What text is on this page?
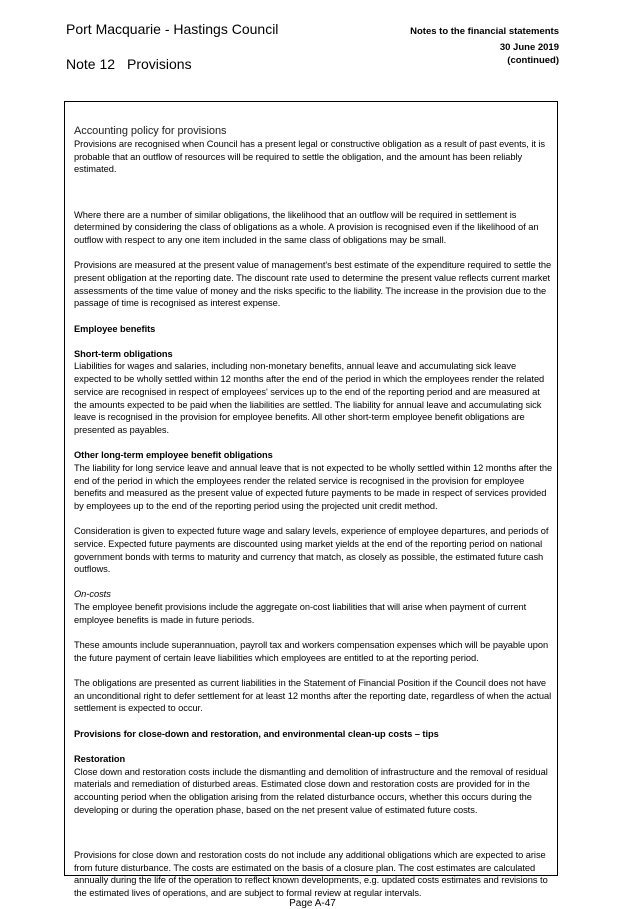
Port Macquarie - Hastings Council
Note 12 Provisions
Notes to the financial statements
30 June 2019
(continued)

Accounting policy for provisions

Provisions are recognised when Council has a present legal or constructive obligation as a result of past events, it is probable that an outflow of resources will be required to settle the obligation, and the amount has been reliably estimated.

Where there are a number of similar obligations, the likelihood that an outflow will be required in settlement is determined by considering the class of obligations as a whole. A provision is recognised even if the likelihood of an outflow with respect to any one item included in the same class of obligations may be small.

Provisions are measured at the present value of management's best estimate of the expenditure required to settle the present obligation at the reporting date. The discount rate used to determine the present value reflects current market assessments of the time value of money and the risks specific to the liability. The increase in the provision due to the passage of time is recognised as interest expense.

Employee benefits

Short-term obligations

Liabilities for wages and salaries, including non-monetary benefits, annual leave and accumulating sick leave expected to be wholly settled within 12 months after the end of the period in which the employees render the related service are recognised in respect of employees' services up to the end of the reporting period and are measured at the amounts expected to be paid when the liabilities are settled. The liability for annual leave and accumulating sick leave is recognised in the provision for employee benefits. All other short-term employee benefit obligations are presented as payables.

Other long-term employee benefit obligations

The liability for long service leave and annual leave that is not expected to be wholly settled within 12 months after the end of the period in which the employees render the related service is recognised in the provision for employee benefits and measured as the present value of expected future payments to be made in respect of services provided by employees up to the end of the reporting period using the projected unit credit method.

Consideration is given to expected future wage and salary levels, experience of employee departures, and periods of service. Expected future payments are discounted using market yields at the end of the reporting period on national government bonds with terms to maturity and currency that match, as closely as possible, the estimated future cash outflows.

On-costs

The employee benefit provisions include the aggregate on-cost liabilities that will arise when payment of current employee benefits is made in future periods.

These amounts include superannuation, payroll tax and workers compensation expenses which will be payable upon the future payment of certain leave liabilities which employees are entitled to at the reporting period.

The obligations are presented as current liabilities in the Statement of Financial Position if the Council does not have an unconditional right to defer settlement for at least 12 months after the reporting date, regardless of when the actual settlement is expected to occur.

Provisions for close-down and restoration, and environmental clean-up costs – tips

Restoration

Close down and restoration costs include the dismantling and demolition of infrastructure and the removal of residual materials and remediation of disturbed areas. Estimated close down and restoration costs are provided for in the accounting period when the obligation arising from the related disturbance occurs, whether this occurs during the developing or during the operation phase, based on the net present value of estimated future costs.

Provisions for close down and restoration costs do not include any additional obligations which are expected to arise from future disturbance. The costs are estimated on the basis of a closure plan. The cost estimates are calculated annually during the life of the operation to reflect known developments, e.g. updated costs estimates and revisions to the estimated lives of operations, and are subject to formal review at regular intervals.

Page A-47
